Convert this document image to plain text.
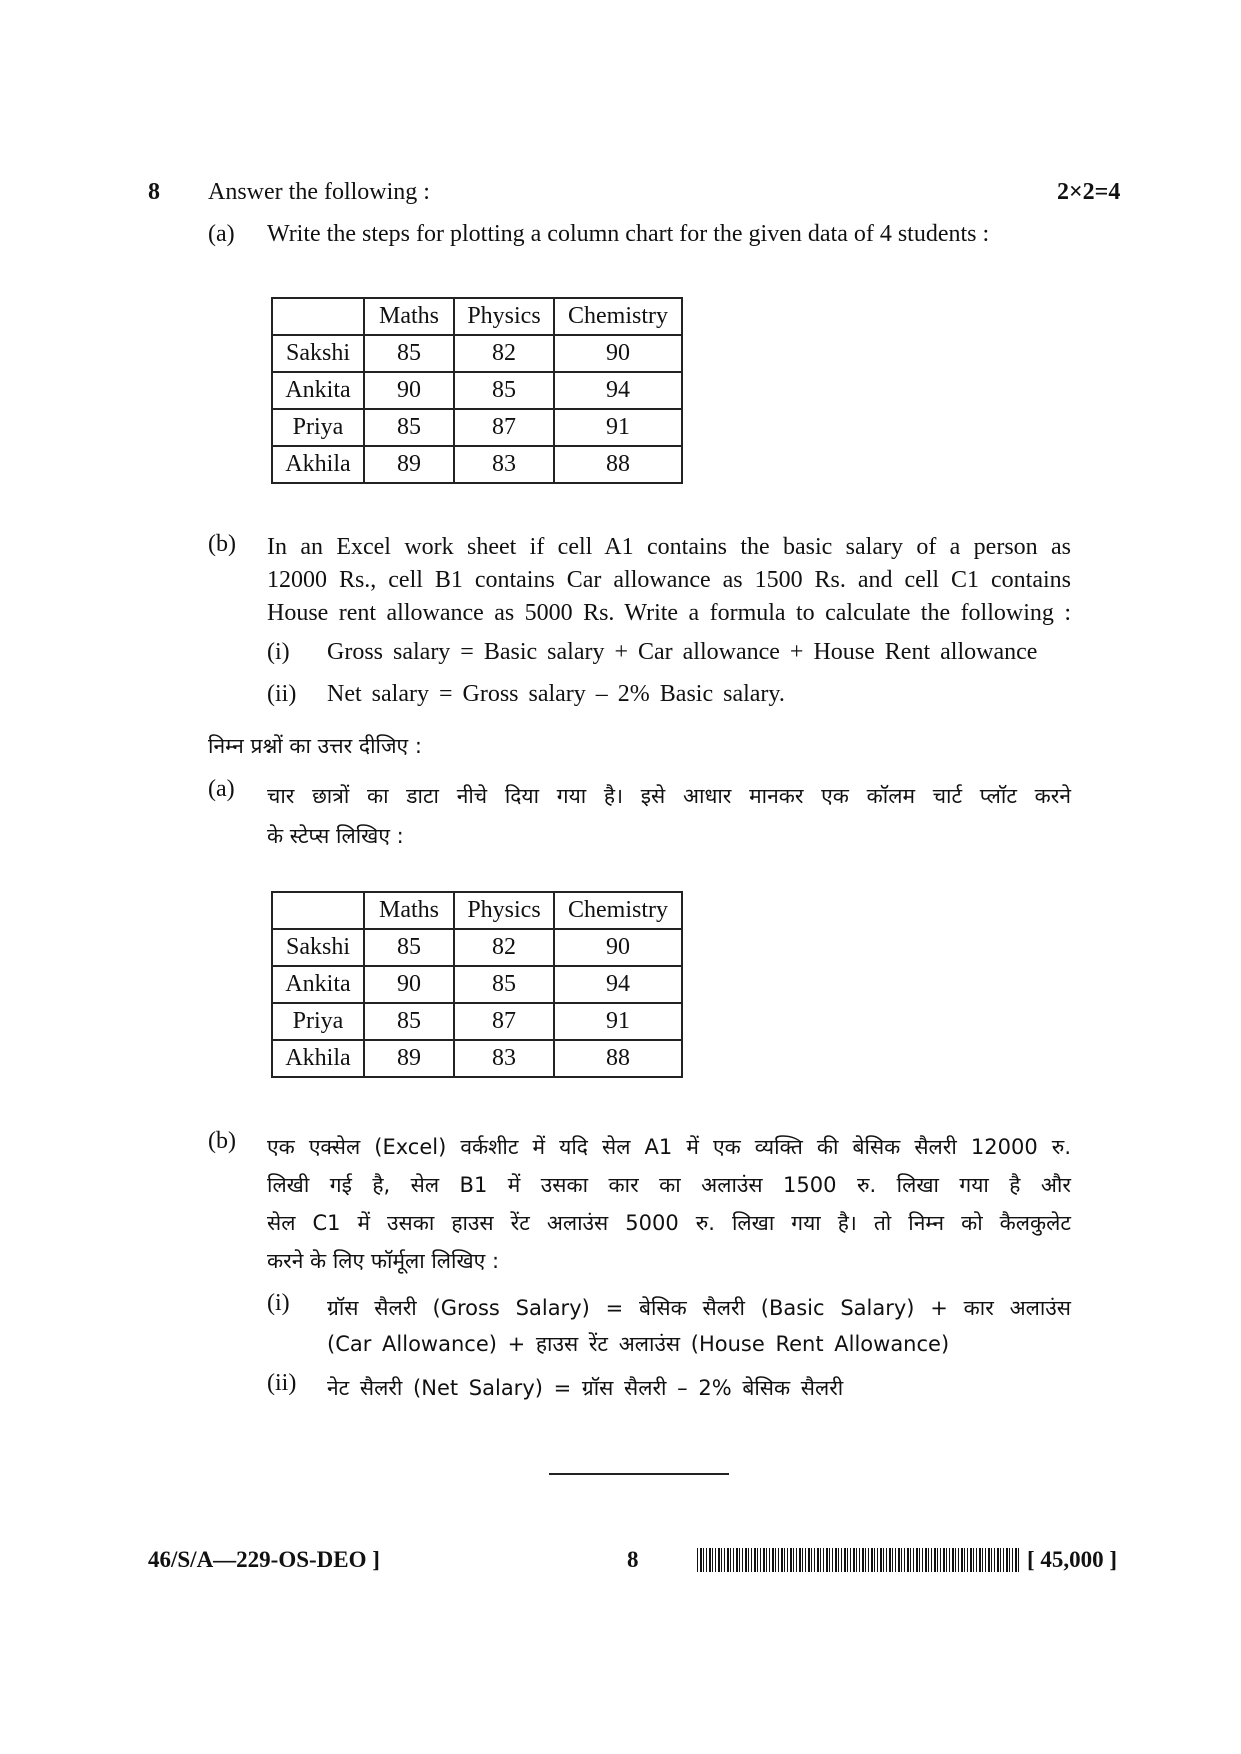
8 Answer the following :	2×2=4
(a) Write the steps for plotting a column chart for the given data of 4 students :
	Maths	Physics	Chemistry
Sakshi	85	82	90
Ankita	90	85	94
Priya	85	87	91
Akhila	89	83	88
(b) In an Excel work sheet if cell A1 contains the basic salary of a person as
12000 Rs., cell B1 contains Car allowance as 1500 Rs. and cell C1 contains
House rent allowance as 5000 Rs. Write a formula to calculate the following :
(i) Gross salary = Basic salary + Car allowance + House Rent allowance
(ii) Net salary = Gross salary – 2% Basic salary.
निम्न प्रश्नों का उत्तर दीजिए :
(a) चार छात्रों का डाटा नीचे दिया गया है। इसे आधार मानकर एक कॉलम चार्ट प्लॉट करने
के स्टेप्स लिखिए :
	Maths	Physics	Chemistry
Sakshi	85	82	90
Ankita	90	85	94
Priya	85	87	91
Akhila	89	83	88
(b) एक एक्सेल (Excel) वर्कशीट में यदि सेल A1 में एक व्यक्ति की बेसिक सैलरी 12000 रु.
लिखी गई है, सेल B1 में उसका कार का अलाउंस 1500 रु. लिखा गया है और
सेल C1 में उसका हाउस रेंट अलाउंस 5000 रु. लिखा गया है। तो निम्न को कैलकुलेट
करने के लिए फॉर्मूला लिखिए :
(i) ग्रॉस सैलरी (Gross Salary) = बेसिक सैलरी (Basic Salary) + कार अलाउंस
(Car Allowance) + हाउस रेंट अलाउंस (House Rent Allowance)
(ii) नेट सैलरी (Net Salary) = ग्रॉस सैलरी – 2% बेसिक सैलरी
46/S/A—229-OS-DEO ]	8	[ 45,000 ]
